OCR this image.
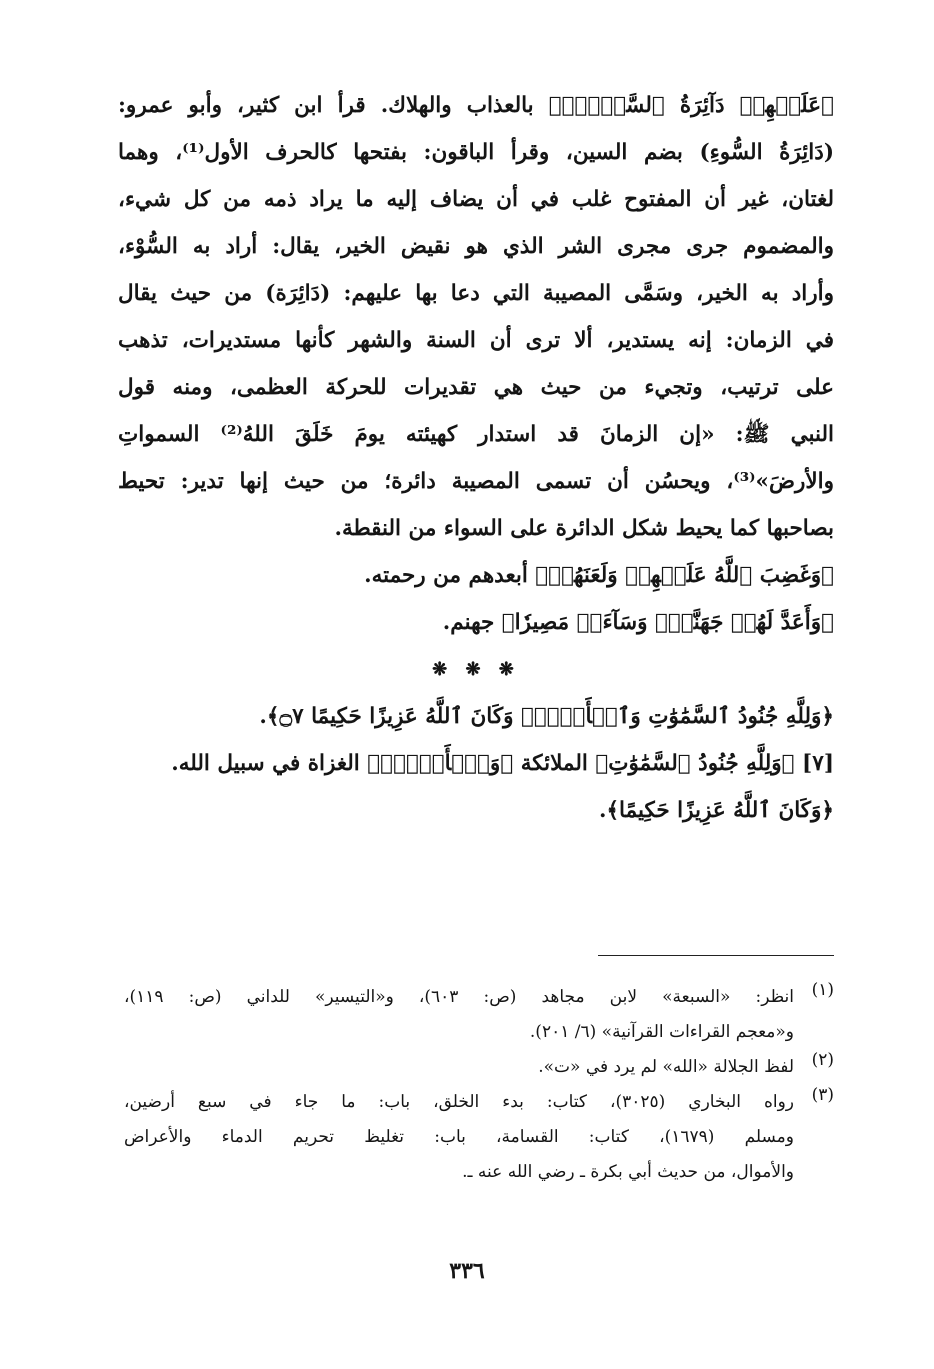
﴿عَلَيۡهِمۡ دَآئِرَةُ ٱلسَّوۡءِۖ﴾ بالعذاب والهلاك. قرأ ابن كثير، وأبو عمرو:
(دَائِرَةُ السُّوءِ) بضم السين، وقرأ الباقون: بفتحها كالحرف الأول⁽¹⁾، وهما
لغتان، غير أن المفتوح غلب في أن يضاف إليه ما يراد ذمه من كل شيء،
والمضموم جرى مجرى الشر الذي هو نقيض الخير، يقال: أراد به السُّوْء،
وأراد به الخير، وسَمَّى المصيبة التي دعا بها عليهم: (دَائِرَة) من حيث يقال
في الزمان: إنه يستدير، ألا ترى أن السنة والشهر كأنها مستديرات، تذهب
على ترتيب، وتجيء من حيث هي تقديرات للحركة العظمى، ومنه قول
النبي ﷺ: «إن الزمانَ قد استدار كهيئته يومَ خَلَقَ اللهُ⁽²⁾ السمواتِ
والأرضَ»⁽³⁾، ويحسُن أن تسمى المصيبة دائرة؛ من حيث إنها تدير: تحيط
بصاحبها كما يحيط شكل الدائرة على السواء من النقطة.
﴿وَغَضِبَ ٱللَّهُ عَلَيۡهِمۡ وَلَعَنَهُمۡ﴾ أبعدهم من رحمته.
﴿وَأَعَدَّ لَهُمۡ جَهَنَّمَۖ وَسَآءَتۡ مَصِيرٗا﴾ جهنم.
❋ ❋ ❋
﴿وَلِلَّهِ جُنُودُ ٱلسَّمَٰوَٰتِ وَٱلۡأَرۡضِۚ وَكَانَ ٱللَّهُ عَزِيزًا حَكِيمًا ۝٧﴾.
[٧] ﴿وَلِلَّهِ جُنُودُ ٱلسَّمَٰوَٰتِ﴾ الملائكة ﴿وَٱلۡأَرۡضِۚ﴾ الغزاة في سبيل الله.
﴿وَكَانَ ٱللَّهُ عَزِيزًا حَكِيمًا﴾.
(١)
انظر: «السبعة» لابن مجاهد (ص: ٦٠٣)، و«التيسير» للداني (ص: ١١٩)،
و«معجم القراءات القرآنية» (٦/ ٢٠١).
(٢)
لفظ الجلالة «الله» لم يرد في «ت».
(٣)
رواه البخاري (٣٠٢٥)، كتاب: بدء الخلق، باب: ما جاء في سبع أرضين،
ومسلم (١٦٧٩)، كتاب: القسامة، باب: تغليظ تحريم الدماء والأعراض
والأموال، من حديث أبي بكرة ـ رضي الله عنه ـ.
٣٣٦
